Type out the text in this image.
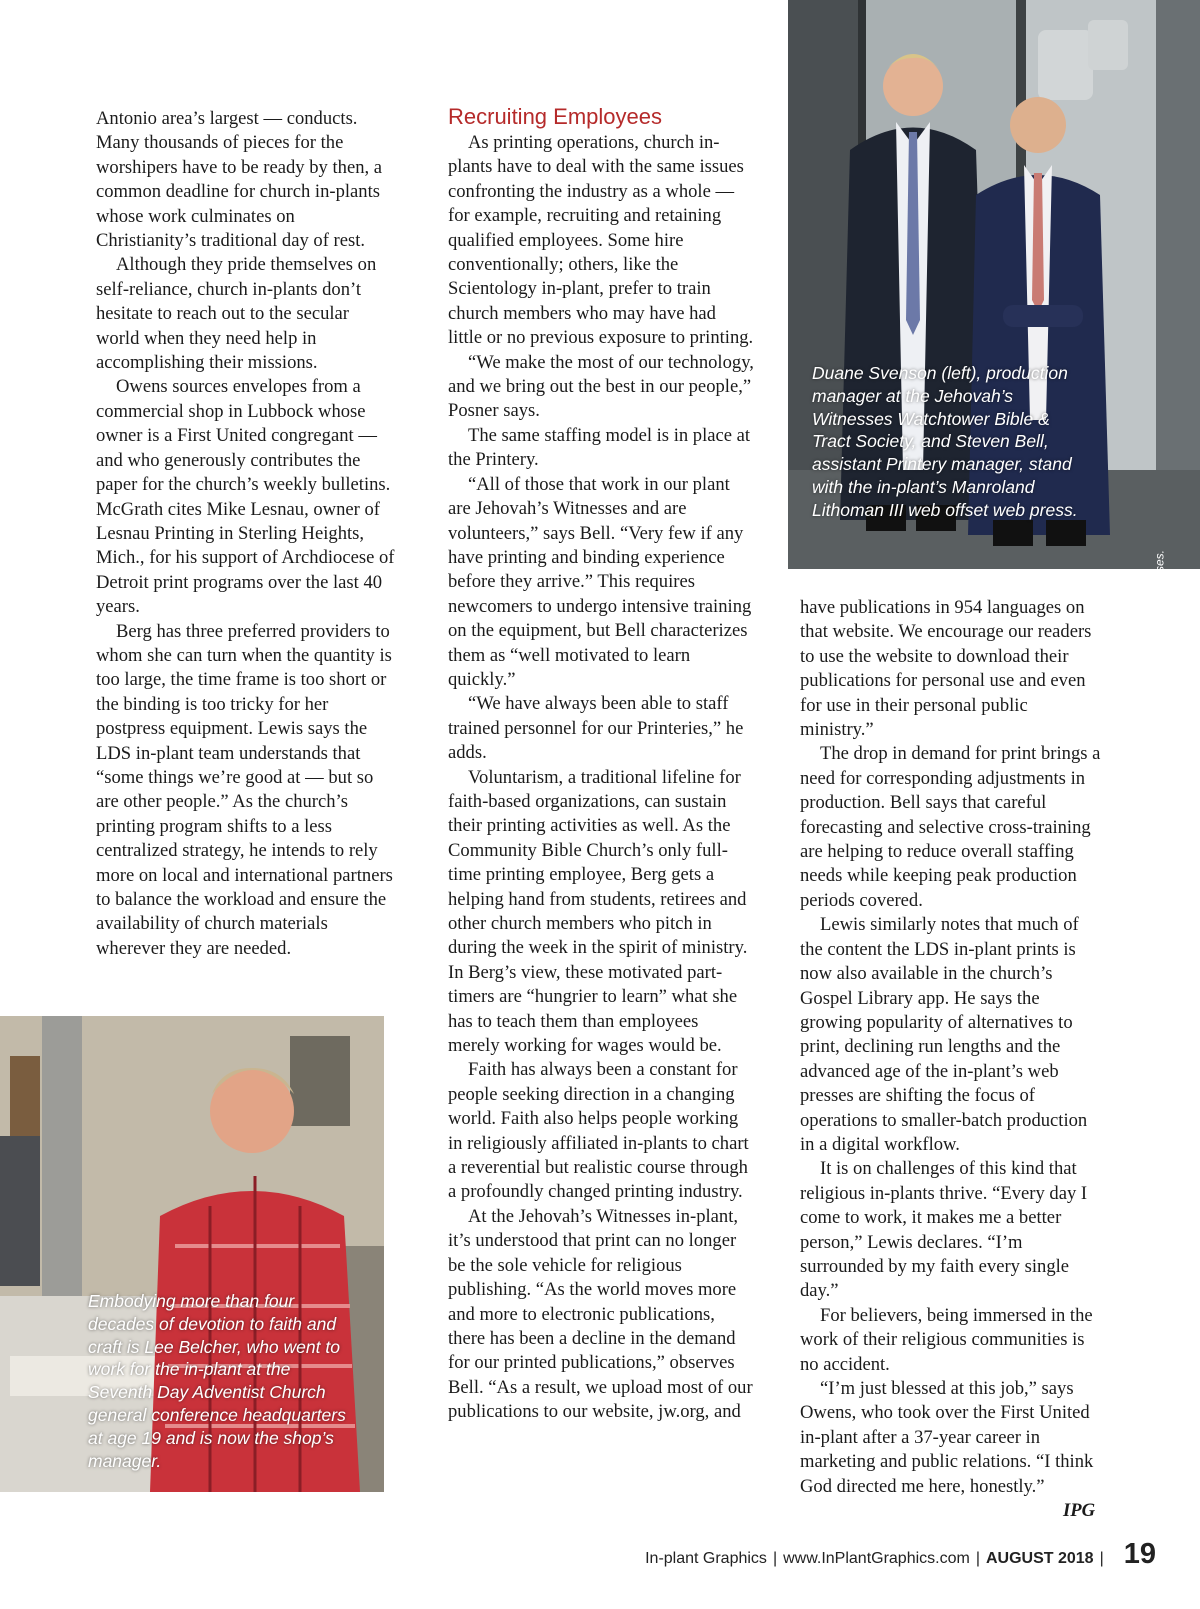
Antonio area’s largest — conducts. Many thousands of pieces for the worshipers have to be ready by then, a common deadline for church in-plants whose work culminates on Christianity’s traditional day of rest.

Although they pride themselves on self-reliance, church in-plants don’t hesitate to reach out to the secular world when they need help in accomplishing their missions.

Owens sources envelopes from a commercial shop in Lubbock whose owner is a First United congregant — and who generously contributes the paper for the church’s weekly bulletins. McGrath cites Mike Lesnau, owner of Lesnau Printing in Sterling Heights, Mich., for his support of Archdiocese of Detroit print programs over the last 40 years.

Berg has three preferred providers to whom she can turn when the quantity is too large, the time frame is too short or the binding is too tricky for her postpress equipment. Lewis says the LDS in-plant team understands that “some things we’re good at — but so are other people.” As the church’s printing program shifts to a less centralized strategy, he intends to rely more on local and international partners to balance the workload and ensure the availability of church materials wherever they are needed.

Recruiting Employees

As printing operations, church in-plants have to deal with the same issues confronting the industry as a whole — for example, recruiting and retaining qualified employees. Some hire conventionally; others, like the Scientology in-plant, prefer to train church members who may have had little or no previous exposure to printing.

“We make the most of our technology, and we bring out the best in our people,” Posner says.

The same staffing model is in place at the Printery.

“All of those that work in our plant are Jehovah’s Witnesses and are volunteers,” says Bell. “Very few if any have printing and binding experience before they arrive.” This requires newcomers to undergo intensive training on the equipment, but Bell characterizes them as “well motivated to learn quickly.”

“We have always been able to staff trained personnel for our Printeries,” he adds.

Voluntarism, a traditional lifeline for faith-based organizations, can sustain their printing activities as well. As the Community Bible Church’s only full-time printing employee, Berg gets a helping hand from students, retirees and other church members who pitch in during the week in the spirit of ministry. In Berg’s view, these motivated part-timers are “hungrier to learn” what she has to teach them than employees merely working for wages would be.

Faith has always been a constant for people seeking direction in a changing world. Faith also helps people working in religiously affiliated in-plants to chart a reverential but realistic course through a profoundly changed printing industry.

At the Jehovah’s Witnesses in-plant, it’s understood that print can no longer be the sole vehicle for religious publishing. “As the world moves more and more to electronic publications, there has been a decline in the demand for our printed publications,” observes Bell. “As a result, we upload most of our publications to our website, jw.org, and

have publications in 954 languages on that website. We encourage our readers to use the website to download their publications for personal use and even for use in their personal public ministry.”

The drop in demand for print brings a need for corresponding adjustments in production. Bell says that careful forecasting and selective cross-training are helping to reduce overall staffing needs while keeping peak production periods covered.

Lewis similarly notes that much of the content the LDS in-plant prints is now also available in the church’s Gospel Library app. He says the growing popularity of alternatives to print, declining run lengths and the advanced age of the in-plant’s web presses are shifting the focus of operations to smaller-batch production in a digital workflow.

It is on challenges of this kind that religious in-plants thrive. “Every day I come to work, it makes me a better person,” Lewis declares. “I’m surrounded by my faith every single day.”

For believers, being immersed in the work of their religious communities is no accident.

“I’m just blessed at this job,” says Owens, who took over the First United in-plant after a 37-year career in marketing and public relations. “I think God directed me here, honestly.”

IPG

Duane Svenson (left), production manager at the Jehovah’s Witnesses Watchtower Bible & Tract Society, and Steven Bell, assistant Printery manager, stand with the in-plant’s Manroland Lithoman III web offset web press.
Courtesy of Jehovah’s Witnesses.
Embodying more than four decades of devotion to faith and craft is Lee Belcher, who went to work for the in-plant at the Seventh Day Adventist Church general conference headquarters at age 19 and is now the shop’s manager.
In-plant Graphics | www.InPlantGraphics.com | AUGUST 2018 | 19
